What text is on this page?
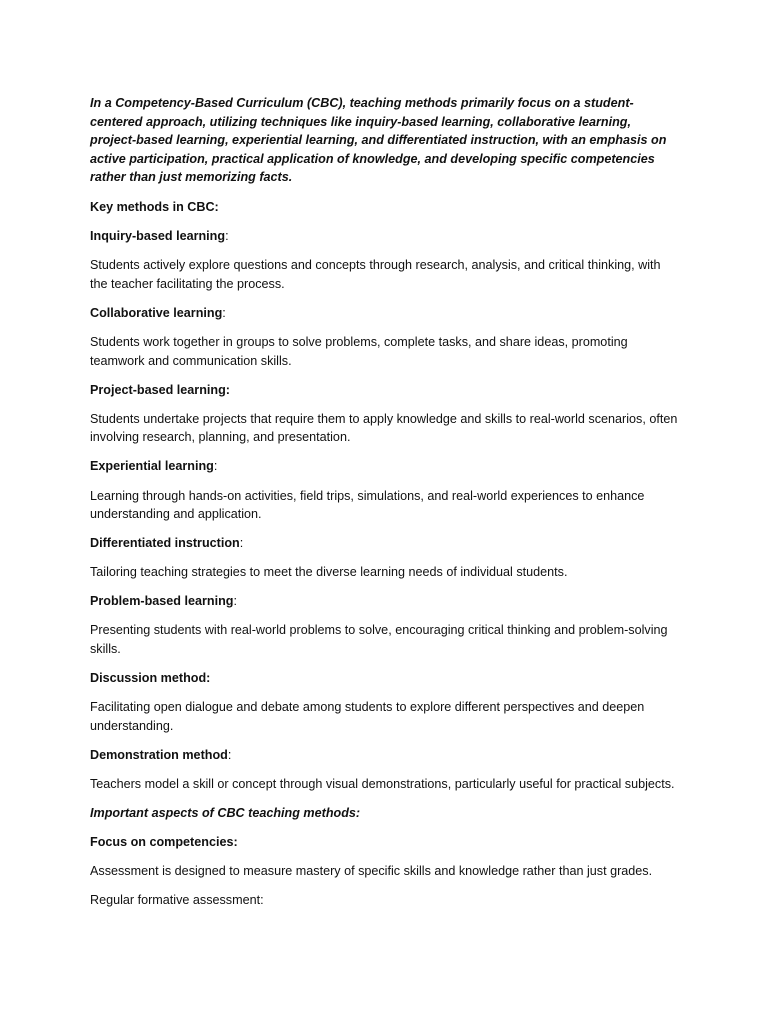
In a Competency-Based Curriculum (CBC), teaching methods primarily focus on a student-centered approach, utilizing techniques like inquiry-based learning, collaborative learning, project-based learning, experiential learning, and differentiated instruction, with an emphasis on active participation, practical application of knowledge, and developing specific competencies rather than just memorizing facts.

Key methods in CBC:

Inquiry-based learning:

Students actively explore questions and concepts through research, analysis, and critical thinking, with the teacher facilitating the process.

Collaborative learning:

Students work together in groups to solve problems, complete tasks, and share ideas, promoting teamwork and communication skills.

Project-based learning:

Students undertake projects that require them to apply knowledge and skills to real-world scenarios, often involving research, planning, and presentation.

Experiential learning:

Learning through hands-on activities, field trips, simulations, and real-world experiences to enhance understanding and application.

Differentiated instruction:

Tailoring teaching strategies to meet the diverse learning needs of individual students.

Problem-based learning:

Presenting students with real-world problems to solve, encouraging critical thinking and problem-solving skills.

Discussion method:

Facilitating open dialogue and debate among students to explore different perspectives and deepen understanding.

Demonstration method:

Teachers model a skill or concept through visual demonstrations, particularly useful for practical subjects.

Important aspects of CBC teaching methods:

Focus on competencies:

Assessment is designed to measure mastery of specific skills and knowledge rather than just grades.

Regular formative assessment:
